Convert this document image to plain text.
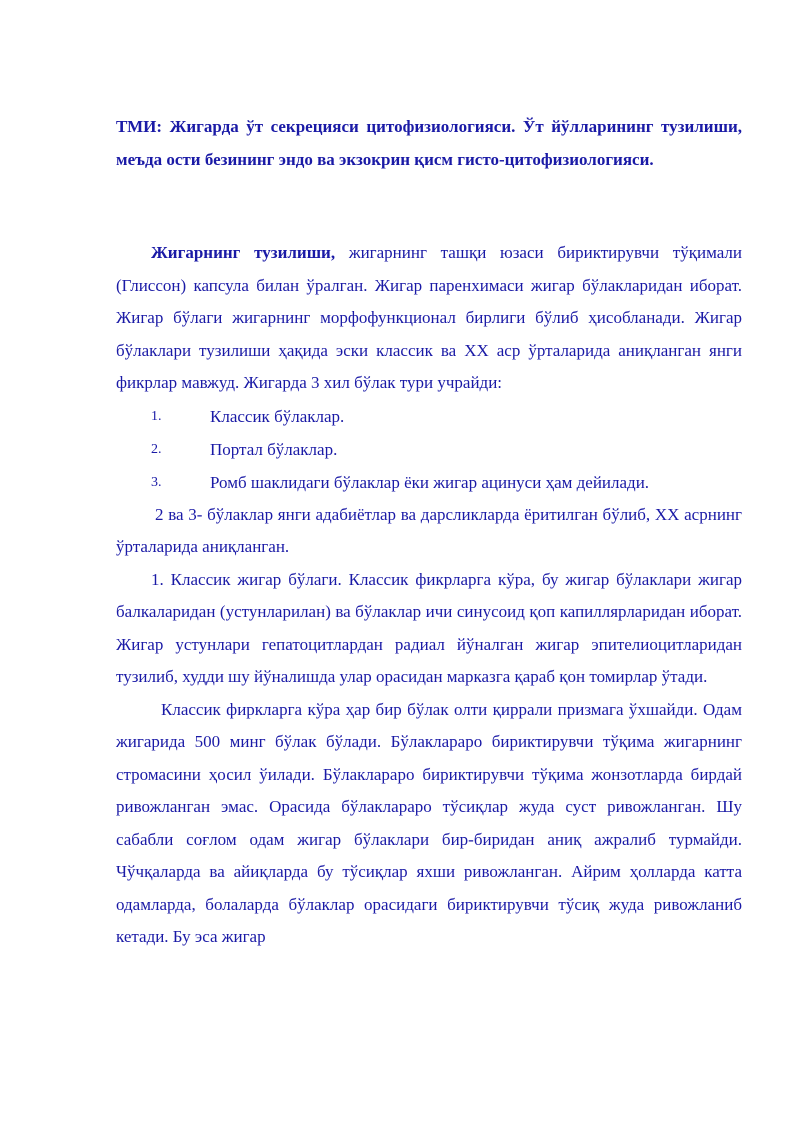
ТМИ: Жигарда ўт секрецияси цитофизиологияси. Ўт йўлларининг тузилиши, меъда ости безининг эндо ва экзокрин қисм гисто-цитофизиологияси.

Жигарнинг тузилиши, жигарнинг ташқи юзаси бириктирувчи тўқимали (Глиссон) капсула билан ўралган. Жигар паренхимаси жигар бўлакларидан иборат. Жигар бўлаги жигарнинг морфофункционал бирлиги бўлиб ҳисобланади. Жигар бўлаклари тузилиши ҳақида эски классик ва XX аср ўрталарида аниқланган янги фикрлар мавжуд. Жигарда 3 хил бўлак тури учрайди:

1.	Классик бўлаклар.
2.	Портал бўлаклар.
3.	Ромб шаклидаги бўлаклар ёки жигар ацинуси ҳам дейилади.

2 ва 3- бўлаклар янги адабиётлар ва дарсликларда ёритилган бўлиб, XX асрнинг ўрталарида аниқланган.

1. Классик жигар бўлаги. Классик фикрларга кўра, бу жигар бўлаклари жигар балкаларидан (устунларилан) ва бўлаклар ичи синусоид қоп капиллярларидан иборат. Жигар устунлари гепатоцитлардан радиал йўналган жигар эпителиоцитларидан тузилиб, худди шу йўналишда улар орасидан марказга қараб қон томирлар ўтади.

Классик фиркларга кўра ҳар бир бўлак олти қиррали призмага ўхшайди. Одам жигарида 500 минг бўлак бўлади. Бўлакларaро бириктирувчи тўқима жигарнинг стромасини ҳосил ўилади. Бўлакларaро бириктирувчи тўқима жонзотларда бирдай ривожланган эмас. Орасида бўлакларaро тўсиқлар жуда суст ривожланган. Шу сабабли соғлом одам жигар бўлаклари бир-биридан аниқ ажралиб турмайди. Чўчқаларда ва айиқларда бу тўсиқлар яхши ривожланган. Айрим ҳолларда катта одамларда, болаларда бўлаклар орасидаги бириктирувчи тўсиқ жуда ривожланиб кетади. Бу эса жигар
